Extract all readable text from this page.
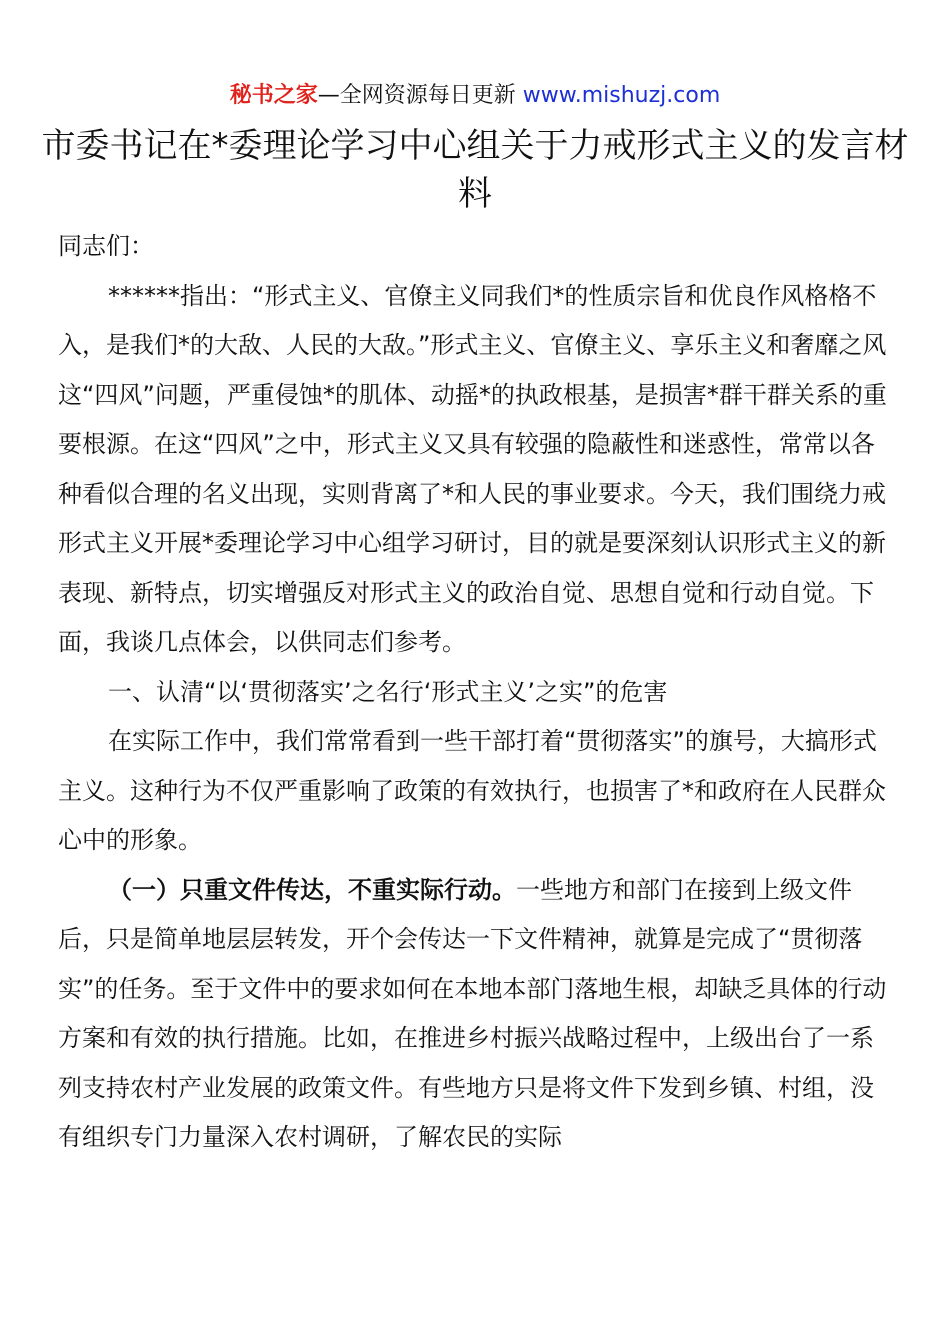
秘书之家—全网资源每日更新 www.mishuzj.com
市委书记在*委理论学习中心组关于力戒形式主义的发言材料

同志们：

******指出：“形式主义、官僚主义同我们*的性质宗旨和优良作风格格不入，是我们*的大敌、人民的大敌。”形式主义、官僚主义、享乐主义和奢靡之风这“四风”问题，严重侵蚀*的肌体、动摇*的执政根基，是损害*群干群关系的重要根源。在这“四风”之中，形式主义又具有较强的隐蔽性和迷惑性，常常以各种看似合理的名义出现，实则背离了*和人民的事业要求。今天，我们围绕力戒形式主义开展*委理论学习中心组学习研讨，目的就是要深刻认识形式主义的新表现、新特点，切实增强反对形式主义的政治自觉、思想自觉和行动自觉。下面，我谈几点体会，以供同志们参考。

一、认清“以‘贯彻落实’之名行‘形式主义’之实”的危害

在实际工作中，我们常常看到一些干部打着“贯彻落实”的旗号，大搞形式主义。这种行为不仅严重影响了政策的有效执行，也损害了*和政府在人民群众心中的形象。

（一）只重文件传达，不重实际行动。一些地方和部门在接到上级文件后，只是简单地层层转发，开个会传达一下文件精神，就算是完成了“贯彻落实”的任务。至于文件中的要求如何在本地本部门落地生根，却缺乏具体的行动方案和有效的执行措施。比如，在推进乡村振兴战略过程中，上级出台了一系列支持农村产业发展的政策文件。有些地方只是将文件下发到乡镇、村组，没有组织专门力量深入农村调研，了解农民的实际
